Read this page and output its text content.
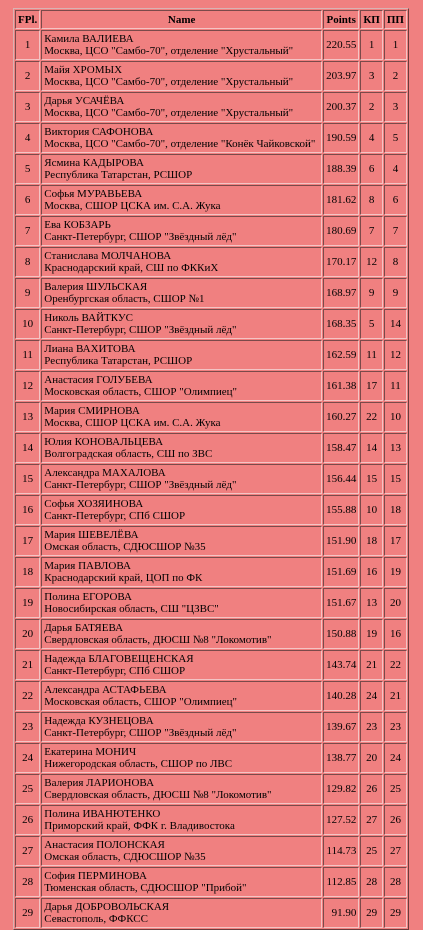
FPl.	Name	Points	КП	ПП
1	Камила ВАЛИЕВА
Москва, ЦСО "Самбо-70", отделение "Хрустальный"	220.55	1	1
2	Майя ХРОМЫХ
Москва, ЦСО "Самбо-70", отделение "Хрустальный"	203.97	3	2
3	Дарья УСАЧЁВА
Москва, ЦСО "Самбо-70", отделение "Хрустальный"	200.37	2	3
4	Виктория САФОНОВА
Москва, ЦСО "Самбо-70", отделение "Конёк Чайковской"	190.59	4	5
5	Ясмина КАДЫРОВА
Республика Татарстан, РСШОР	188.39	6	4
6	Софья МУРАВЬЕВА
Москва, СШОР ЦСКА им. С.А. Жука	181.62	8	6
7	Ева КОБЗАРЬ
Санкт-Петербург, СШОР "Звёздный лёд"	180.69	7	7
8	Станислава МОЛЧАНОВА
Краснодарский край, СШ по ФККиХ	170.17	12	8
9	Валерия ШУЛЬСКАЯ
Оренбургская область, СШОР №1	168.97	9	9
10	Николь ВАЙТКУС
Санкт-Петербург, СШОР "Звёздный лёд"	168.35	5	14
11	Лиана ВАХИТОВА
Республика Татарстан, РСШОР	162.59	11	12
12	Анастасия ГОЛУБЕВА
Московская область, СШОР "Олимпиец"	161.38	17	11
13	Мария СМИРНОВА
Москва, СШОР ЦСКА им. С.А. Жука	160.27	22	10
14	Юлия КОНОВАЛЬЦЕВА
Волгоградская область, СШ по ЗВС	158.47	14	13
15	Александра МАХАЛОВА
Санкт-Петербург, СШОР "Звёздный лёд"	156.44	15	15
16	Софья ХОЗЯИНОВА
Санкт-Петербург, СПб СШОР	155.88	10	18
17	Мария ШЕВЕЛЁВА
Омская область, СДЮСШОР №35	151.90	18	17
18	Мария ПАВЛОВА
Краснодарский край, ЦОП по ФК	151.69	16	19
19	Полина ЕГОРОВА
Новосибирская область, СШ "ЦЗВС"	151.67	13	20
20	Дарья БАТЯЕВА
Свердловская область, ДЮСШ №8 "Локомотив"	150.88	19	16
21	Надежда БЛАГОВЕЩЕНСКАЯ
Санкт-Петербург, СПб СШОР	143.74	21	22
22	Александра АСТАФЬЕВА
Московская область, СШОР "Олимпиец"	140.28	24	21
23	Надежда КУЗНЕЦОВА
Санкт-Петербург, СШОР "Звёздный лёд"	139.67	23	23
24	Екатерина МОНИЧ
Нижегородская область, СШОР по ЛВС	138.77	20	24
25	Валерия ЛАРИОНОВА
Свердловская область, ДЮСШ №8 "Локомотив"	129.82	26	25
26	Полина ИВАНЮТЕНКО
Приморский край, ФФК г. Владивостока	127.52	27	26
27	Анастасия ПОЛОНСКАЯ
Омская область, СДЮСШОР №35	114.73	25	27
28	София ПЕРМИНОВА
Тюменская область, СДЮСШОР "Прибой"	112.85	28	28
29	Дарья ДОБРОВОЛЬСКАЯ
Севастополь, ФФКСС	91.90	29	29
